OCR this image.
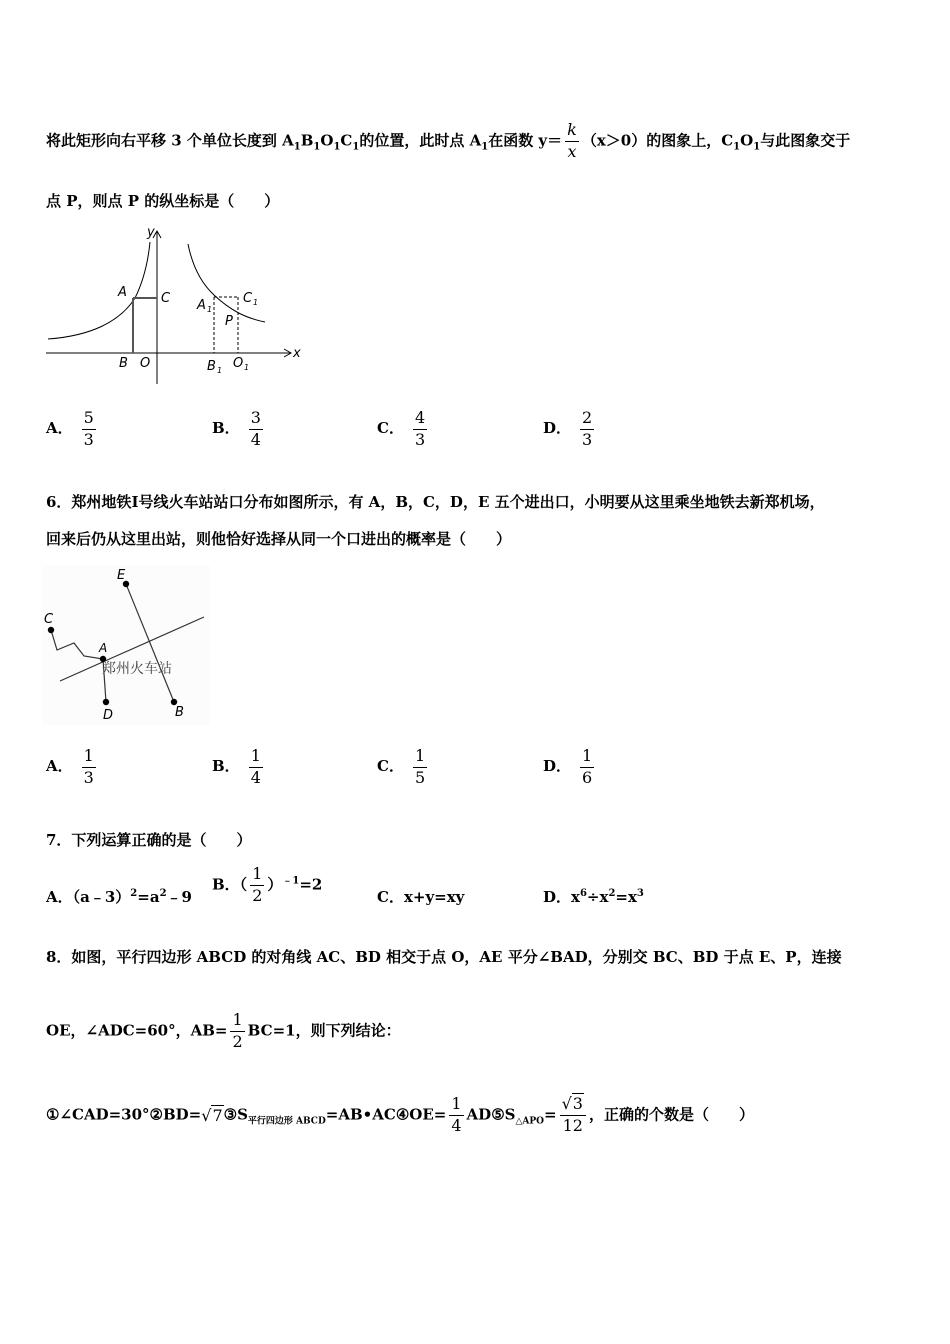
将此矩形向右平移 3 个单位长度到 $A_1B_1O_1C_1$的位置，此时点 $A_1$在函数 $y= \frac{k}{x} (x>0)$的图象上，$C_1O_1$与此图象交于
点 P，则点 P 的纵坐标是（　　）
y
x
A	C
B O
A 1
C 1
P
B 1 O 1
A． $\frac{5}{3}$	B． $\frac{3}{4}$	C． $\frac{4}{3}$	D． $\frac{2}{3}$
6．郑州地铁Ⅰ号线火车站站口分布如图所示，有 A，B，C，D，E 五个进出口，小明要从这里乘坐地铁去新郑机场，
回来后仍从这里出站，则他恰好选择从同一个口进出的概率是（　　）
E
C
A
D	B
郑州火车站
A． $\frac{1}{3}$	B． $\frac{1}{4}$	C． $\frac{1}{5}$	D． $\frac{1}{6}$
7．下列运算正确的是（　　）
A．$(a﹣3)^2=a^2﹣9$
B．（ $\frac{1}{2} )^{﹣1}=2$
C．x+y=xy	D．$x^6\div x^2=x^3$
8．如图，平行四边形 ABCD 的对角线 AC、BD 相交于点 O，AE 平分∠BAD，分别交 BC、BD 于点 E、P，连接
OE，∠ADC=60°，$AB= \frac{1}{2} BC=1$，则下列结论：
$①\angle CAD=30^\circ ②BD=√7③S_{平行四边形 ABCD}=AB•AC④OE= \frac{1}{4}$ $AD⑤S_{\triangle APO}= \frac{√3}{12}$ ，正确的个数是（　　）
